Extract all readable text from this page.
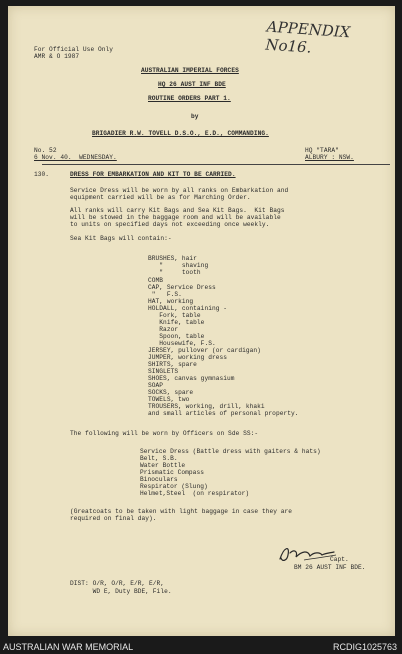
APPENDIX No16.
For Official Use Only
AMR & O 1987
AUSTRALIAN IMPERIAL FORCES
HQ 26 AUST INF BDE
ROUTINE ORDERS PART 1.
by
BRIGADIER R.W. TOVELL D.S.O., E.D., COMMANDING.
No. 52
6 Nov. 40.  WEDNESDAY.
HQ "TARA"
ALBURY : NSW.
130.	DRESS FOR EMBARKATION AND KIT TO BE CARRIED.
Service Dress will be worn by all ranks on Embarkation and
equipment carried will be as for Marching Order.
All ranks will carry Kit Bags and Sea Kit Bags.  Kit Bags
will be stowed in the baggage room and will be available
to units on specified days not exceeding once weekly.
Sea Kit Bags will contain:-
BRUSHES, hair
"     shaving
"     tooth
COMB
CAP, Service Dress
"   F.S.
HAT, working
HOLDALL, containing -
Fork, table
Knife, table
Razor
Spoon, table
Housewife, F.S.
JERSEY, pullover (or cardigan)
JUMPER, working dress
SHIRTS, spare
SINGLETS
SHOES, canvas gymnasium
SOAP
SOCKS, spare
TOWELS, two
TROUSERS, working, drill, khaki
and small articles of personal property.
The following will be worn by Officers on Sde SS:-
Service Dress (Battle dress with gaiters & hats)
Belt, S.B.
Water Bottle
Prismatic Compass
Binoculars
Respirator (Slung)
Helmet,Steel  (on respirator)
(Greatcoats to be taken with light baggage in case they are
required on final day).
Capt.
BM 26 AUST INF BDE.
DIST: O/R, O/R, E/R, E/R,
WD E, Duty BDE, File.
AUSTRALIAN WAR MEMORIAL	RCDIG1025763
